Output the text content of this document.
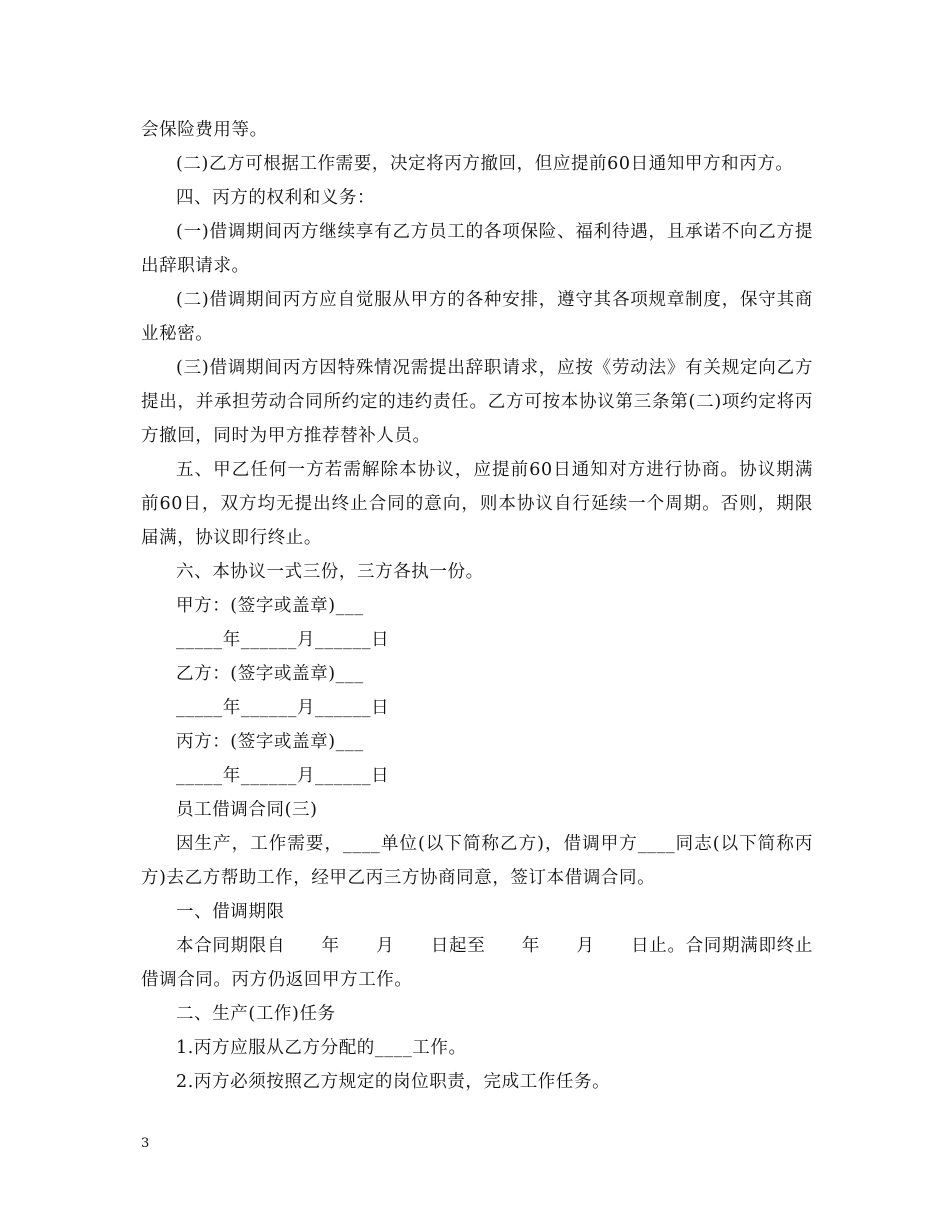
会保险费用等。

(二)乙方可根据工作需要，决定将丙方撤回，但应提前60日通知甲方和丙方。

四、丙方的权利和义务：

(一)借调期间丙方继续享有乙方员工的各项保险、福利待遇，且承诺不向乙方提出辞职请求。

(二)借调期间丙方应自觉服从甲方的各种安排，遵守其各项规章制度，保守其商业秘密。

(三)借调期间丙方因特殊情况需提出辞职请求，应按《劳动法》有关规定向乙方提出，并承担劳动合同所约定的违约责任。乙方可按本协议第三条第(二)项约定将丙方撤回，同时为甲方推荐替补人员。

五、甲乙任何一方若需解除本协议，应提前60日通知对方进行协商。协议期满前60日，双方均无提出终止合同的意向，则本协议自行延续一个周期。否则，期限届满，协议即行终止。

六、本协议一式三份，三方各执一份。

甲方：(签字或盖章)___

_____年______月______日

乙方：(签字或盖章)___

_____年______月______日

丙方：(签字或盖章)___

_____年______月______日

员工借调合同(三)

因生产，工作需要，____单位(以下简称乙方)，借调甲方____同志(以下简称丙方)去乙方帮助工作，经甲乙丙三方协商同意，签订本借调合同。

一、借调期限

本合同期限自　　年　　月　　日起至　　年　　月　　日止。合同期满即终止借调合同。丙方仍返回甲方工作。

二、生产(工作)任务

1.丙方应服从乙方分配的____工作。

2.丙方必须按照乙方规定的岗位职责，完成工作任务。

3
